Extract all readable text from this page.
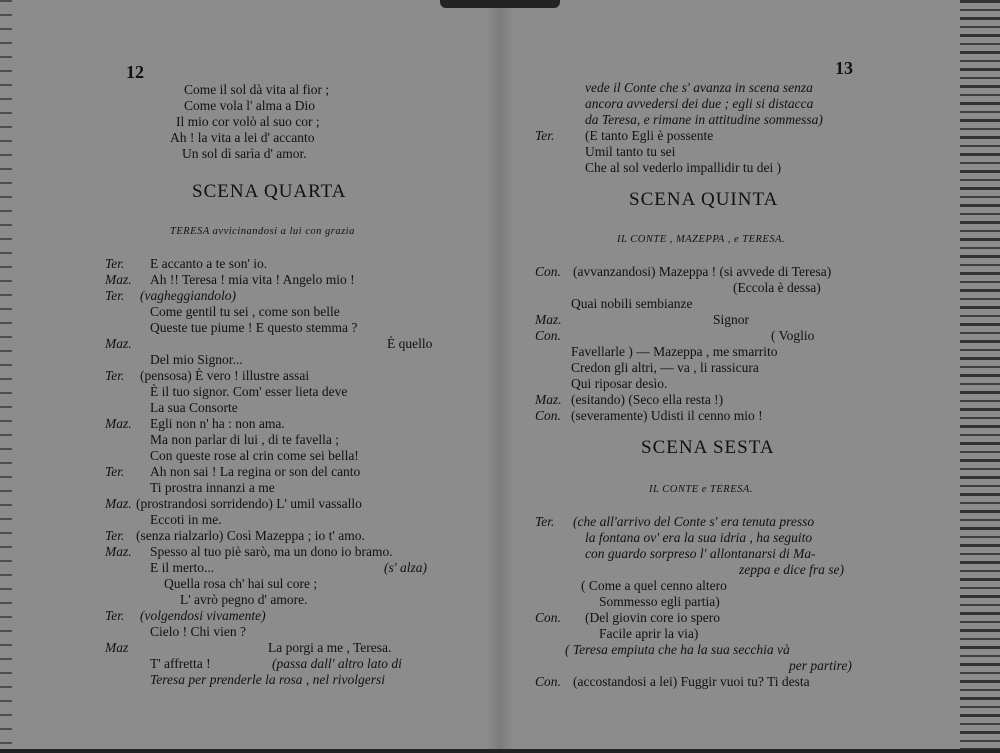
12
Come il sol dà vita al fior ;
Come vola l' alma a Dio
Il mio cor volò al suo cor ;
Ah ! la vita a lei d' accanto
Un sol dì sarìa d' amor.
SCENA QUARTA
TERESA avvicinandosi a lui con grazia
Ter. E accanto a te son' io.
Maz. Ah !! Teresa ! mia vita ! Angelo mio !
Ter. (vagheggiandolo)
Come gentil tu sei , come son belle
Queste tue piume ! E questo stemma ?
Maz.	È quello
Del mio Signor...
Ter. (pensosa) È vero ! illustre assai
È il tuo signor. Com' esser lieta deve
La sua Consorte
Maz. Egli non n' ha : non ama.
Ma non parlar di lui , di te favella ;
Con queste rose al crin come sei bella!
Ter. Ah non sai ! La regina or son del canto
Ti prostra innanzi a me
Maz. (prostrandosi sorridendo) L' umil vassallo
Eccoti in me.
Ter. (senza rialzarlo) Così Mazeppa ; io t' amo.
Maz. Spesso al tuo piè sarò, ma un dono io bramo.
E il merto...	(s' alza)
Quella rosa ch' hai sul core ;
L' avrò pegno d' amore.
Ter. (volgendosi vivamente)
Cielo ! Chi vien ?
Maz	La porgi a me , Teresa.
T' affretta !	(passa dall' altro lato di
Teresa per prenderle la rosa , nel rivolgersi
13
vede il Conte che s' avanza in scena senza
ancora avvedersi dei due ; egli si distacca
da Teresa, e rimane in attitudine sommessa)
Ter. (E tanto Egli è possente
Umil tanto tu sei
Che al sol vederlo impallidir tu dei )
SCENA QUINTA
IL CONTE , MAZEPPA , e TERESA.
Con. (avvanzandosi) Mazeppa ! (si avvede di Teresa)
(Eccola è dessa)
Quai nobili sembianze
Maz.	Signor
Con.	( Voglio
Favellarle ) — Mazeppa , me smarrito
Credon gli altri, — va , li rassicura
Qui riposar desìo.
Maz. (esitando) (Seco ella resta !)
Con. (severamente) Udisti il cenno mio !
SCENA SESTA
IL CONTE e TERESA.
Ter. (che all'arrivo del Conte s' era tenuta presso
la fontana ov' era la sua idria , ha seguito
con guardo sorpreso l' allontanarsi di Ma-
zeppa e dice fra se)
( Come a quel cenno altero
Sommesso egli partia)
Con. (Del giovin core io spero
Facile aprir la via)
( Teresa empiuta che ha la sua secchia và
per partire)
Con. (accostandosi a lei) Fuggir vuoi tu? Ti desta
